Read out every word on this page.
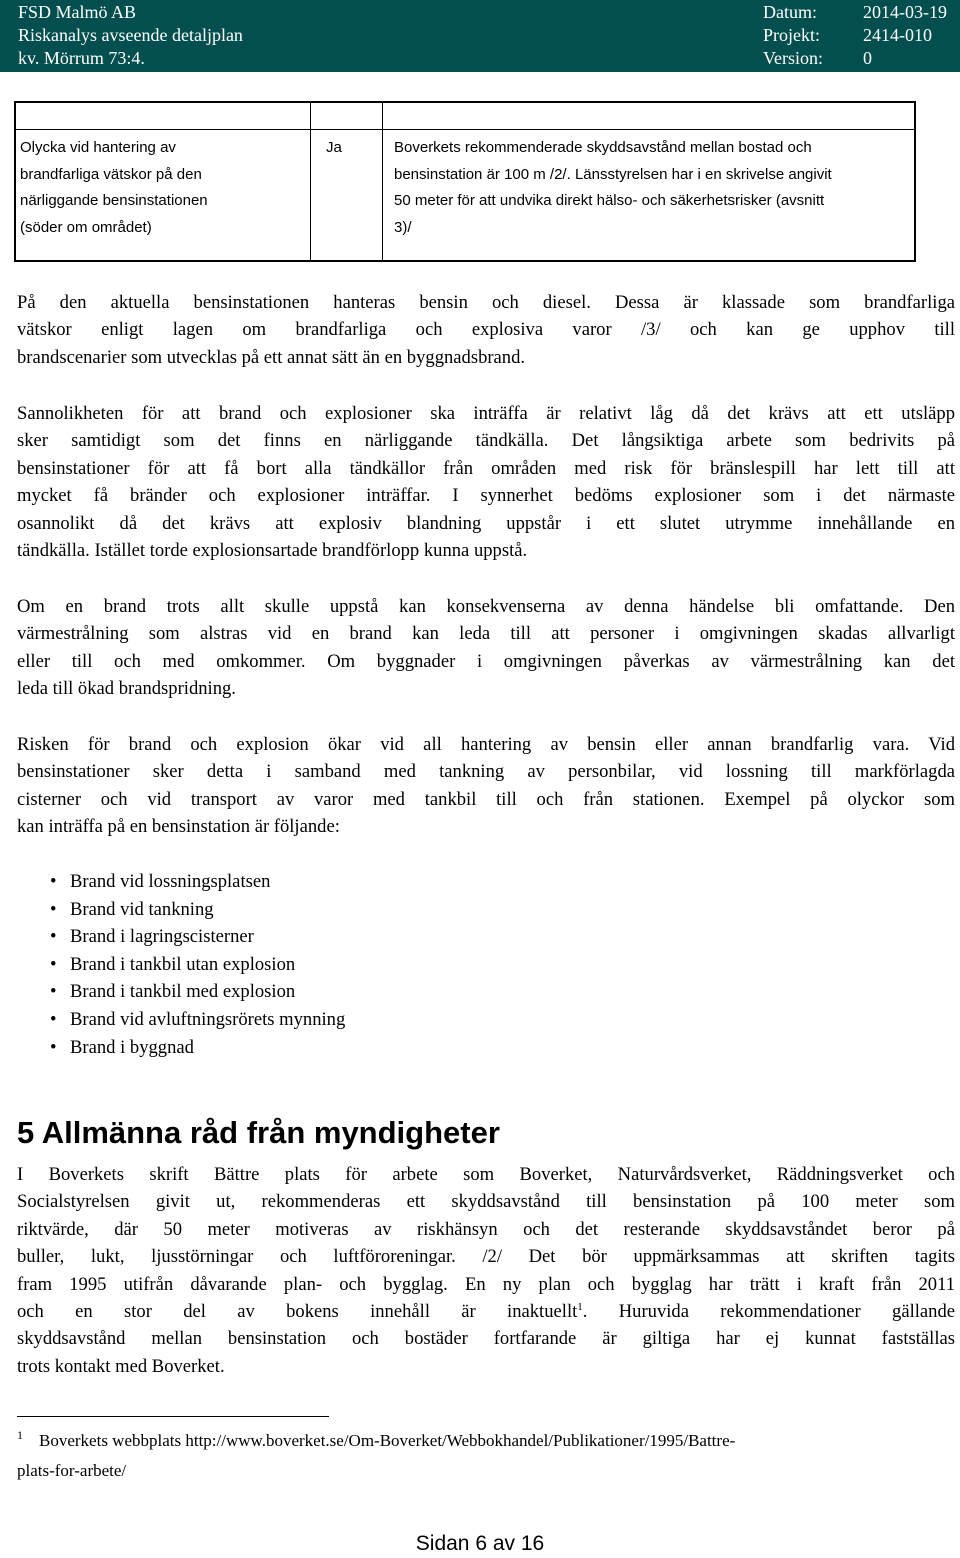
FSD Malmö AB
Riskanalys avseende detaljplan
kv. Mörrum 73:4.
Datum:	2014-03-19
Projekt: 2414-010
Version: 0
Olycka vid hantering av
brandfarliga vätskor på den
närliggande bensinstationen
(söder om området)
Ja	Boverkets rekommenderade skyddsavstånd mellan bostad och
bensinstation är 100 m /2/. Länsstyrelsen har i en skrivelse angivit
50 meter för att undvika direkt hälso- och säkerhetsrisker (avsnitt
3)/
På den aktuella bensinstationen hanteras bensin och diesel. Dessa är klassade som brandfarliga
vätskor enligt lagen om brandfarliga och explosiva varor /3/ och kan ge upphov till
brandscenarier som utvecklas på ett annat sätt än en byggnadsbrand.
Sannolikheten för att brand och explosioner ska inträffa är relativt låg då det krävs att ett utsläpp
sker samtidigt som det finns en närliggande tändkälla. Det långsiktiga arbete som bedrivits på
bensinstationer för att få bort alla tändkällor från områden med risk för bränslespill har lett till att
mycket få bränder och explosioner inträffar. I synnerhet bedöms explosioner som i det närmaste
osannolikt då det krävs att explosiv blandning uppstår i ett slutet utrymme innehållande en
tändkälla. Istället torde explosionsartade brandförlopp kunna uppstå.
Om en brand trots allt skulle uppstå kan konsekvenserna av denna händelse bli omfattande. Den
värmestrålning som alstras vid en brand kan leda till att personer i omgivningen skadas allvarligt
eller till och med omkommer. Om byggnader i omgivningen påverkas av värmestrålning kan det
leda till ökad brandspridning.
Risken för brand och explosion ökar vid all hantering av bensin eller annan brandfarlig vara. Vid
bensinstationer sker detta i samband med tankning av personbilar, vid lossning till markförlagda
cisterner och vid transport av varor med tankbil till och från stationen. Exempel på olyckor som
kan inträffa på en bensinstation är följande:
• Brand vid lossningsplatsen
• Brand vid tankning
• Brand i lagringscisterner
• Brand i tankbil utan explosion
• Brand i tankbil med explosion
• Brand vid avluftningsrörets mynning
• Brand i byggnad
5 Allmänna råd från myndigheter
I Boverkets skrift Bättre plats för arbete som Boverket, Naturvårdsverket, Räddningsverket och
Socialstyrelsen givit ut, rekommenderas ett skyddsavstånd till bensinstation på 100 meter som
riktvärde, där 50 meter motiveras av riskhänsyn och det resterande skyddsavståndet beror på
buller, lukt, ljusstörningar och luftföroreningar. /2/ Det bör uppmärksammas att skriften tagits
fram 1995 utifrån dåvarande plan- och bygglag. En ny plan och bygglag har trätt i kraft från 2011
och en stor del av bokens innehåll är inaktuellt$^1$. Huruvida rekommendationer gällande
skyddsavstånd mellan bensinstation och bostäder fortfarande är giltiga har ej kunnat fastställas
trots kontakt med Boverket.
1 Boverkets webbplats http://www.boverket.se/Om-Boverket/Webbokhandel/Publikationer/1995/Battre-
plats-for-arbete/
Sidan 6 av 16
